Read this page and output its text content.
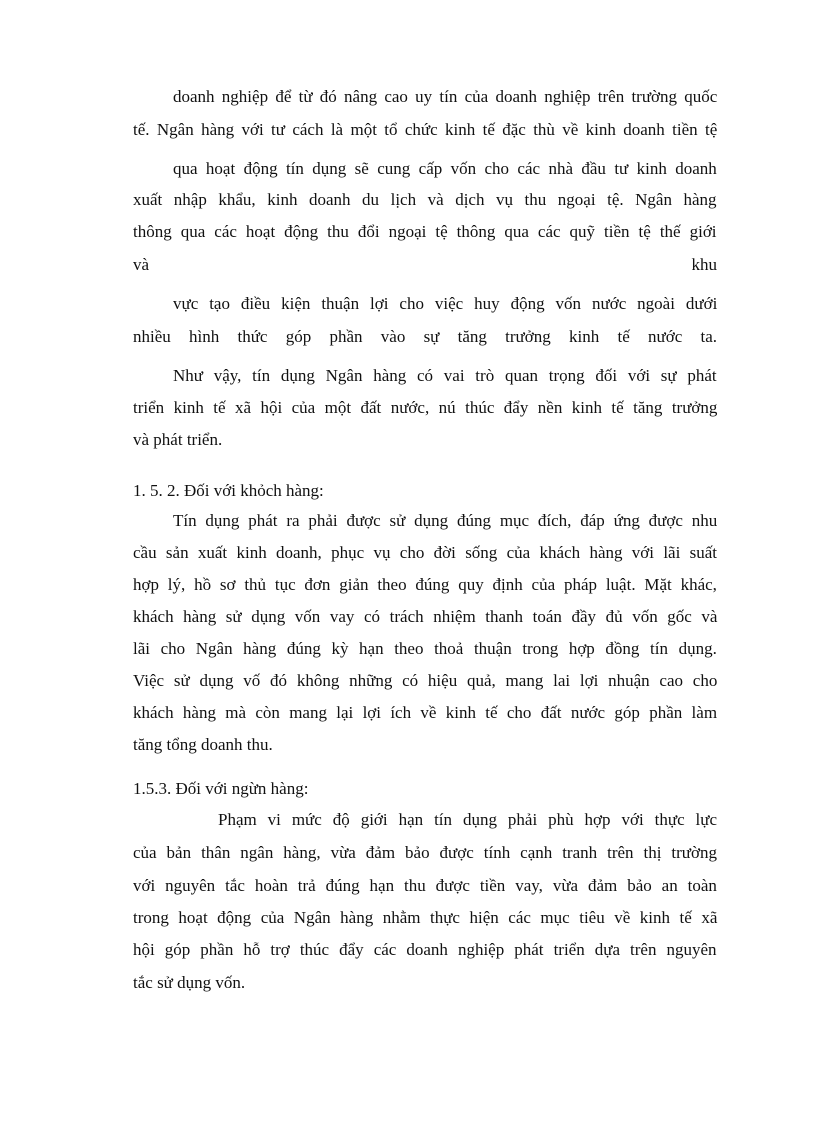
doanh nghiệp để từ đó nâng cao uy tín của doanh nghiệp trên trường quốc
tế. Ngân hàng với tư cách là một tổ chức kinh tế đặc thù về kinh doanh tiền tệ
qua hoạt động tín dụng sẽ cung cấp vốn cho các nhà đầu tư kinh doanh
xuất nhập khẩu, kinh doanh du lịch và dịch vụ thu ngoại tệ. Ngân hàng
thông qua các hoạt động thu đổi ngoại tệ thông qua các quỹ tiền tệ thế giới
và	khu
vực tạo điều kiện thuận lợi cho việc huy động vốn nước ngoài dưới
nhiều hình thức góp phần vào sự tăng trưởng kinh tế nước ta.
Như vậy, tín dụng Ngân hàng có vai trò quan trọng đối với sự phát
triển kinh tế xã hội của một đất nước, nú thúc đẩy nền kinh tế tăng trưởng
và phát triển.
1. 5. 2. Đối với khỏch hàng:
Tín dụng phát ra phải được sử dụng đúng mục đích, đáp ứng được nhu
cầu sản xuất kinh doanh, phục vụ cho đời sống của khách hàng với lãi suất
hợp lý, hồ sơ thủ tục đơn giản theo đúng quy định của pháp luật. Mặt khác,
khách hàng sử dụng vốn vay có trách nhiệm thanh toán đầy đủ vốn gốc và
lãi cho Ngân hàng đúng kỳ hạn theo thoả thuận trong hợp đồng tín dụng.
Việc sử dụng vố đó không những có hiệu quả, mang lai lợi nhuận cao cho
khách hàng mà còn mang lại lợi ích về kinh tế cho đất nước góp phần làm
tăng tổng doanh thu.
1.5.3. Đối với ngừn hàng:
Phạm vi mức độ giới hạn tín dụng phải phù hợp với thực lực
của bản thân ngân hàng, vừa đảm bảo được tính cạnh tranh trên thị trường
với nguyên tắc hoàn trả đúng hạn thu được tiền vay, vừa đảm bảo an toàn
trong hoạt động của Ngân hàng nhằm thực hiện các mục tiêu về kinh tế xã
hội góp phần hỗ trợ thúc đẩy các doanh nghiệp phát triển dựa trên nguyên
tắc sử dụng vốn.
